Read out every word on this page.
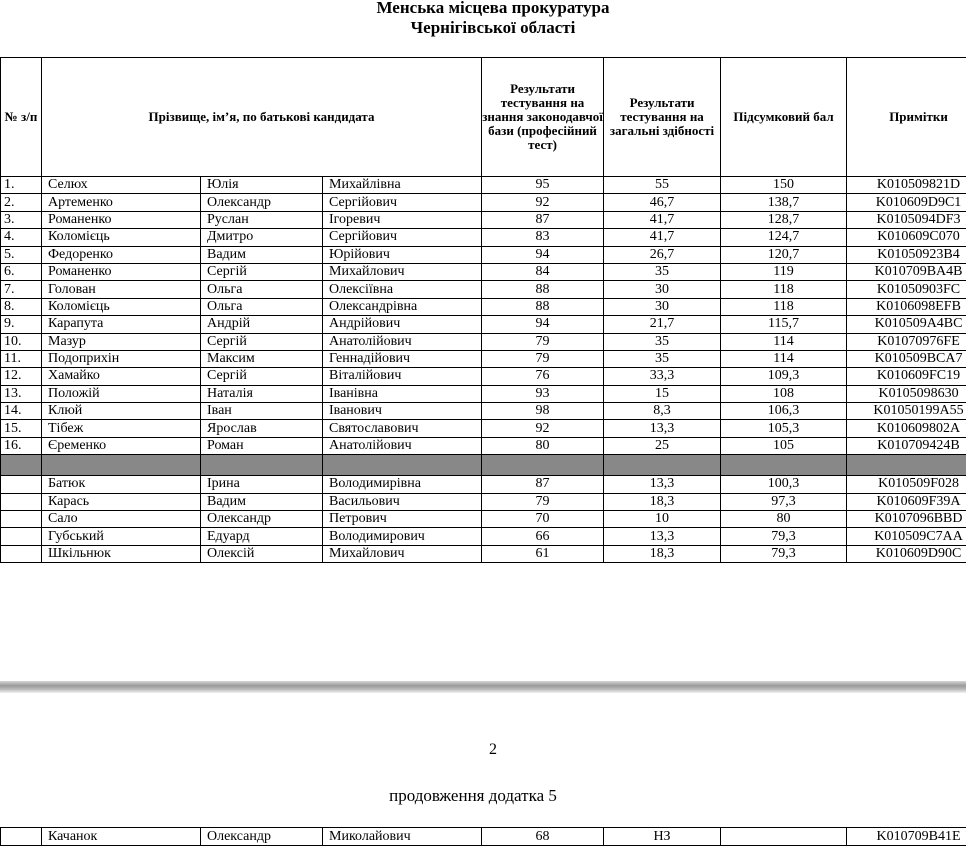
Менська місцева прокуратура
Чернігівської області
№ з/п	Прізвище, ім’я, по батькові кандидата			Результати тестування на знання законодавчої бази (професійний тест)	Результати тестування на загальні здібності	Підсумковий бал	Примітки
1.	Селюх	Юлія	Михайлівна	95	55	150	K010509821D
2.	Артеменко	Олександр	Сергійович	92	46,7	138,7	K010609D9C1
3.	Романенко	Руслан	Ігоревич	87	41,7	128,7	K0105094DF3
4.	Коломієць	Дмитро	Сергійович	83	41,7	124,7	K010609C070
5.	Федоренко	Вадим	Юрійович	94	26,7	120,7	K01050923B4
6.	Романенко	Сергій	Михайлович	84	35	119	K010709BA4B
7.	Голован	Ольга	Олексіївна	88	30	118	K01050903FC
8.	Коломієць	Ольга	Олександрівна	88	30	118	K0106098EFB
9.	Карапута	Андрій	Андрійович	94	21,7	115,7	K010509A4BC
10.	Мазур	Сергій	Анатолійович	79	35	114	K01070976FE
11.	Подоприхін	Максим	Геннадійович	79	35	114	K010509BCA7
12.	Хамайко	Сергій	Віталійович	76	33,3	109,3	K010609FC19
13.	Положій	Наталія	Іванівна	93	15	108	K0105098630
14.	Клюй	Іван	Іванович	98	8,3	106,3	K01050199A55
15.	Тібеж	Ярослав	Святославович	92	13,3	105,3	K010609802A
16.	Єременко	Роман	Анатолійович	80	25	105	K010709424B

	Батюк	Ірина	Володимирівна	87	13,3	100,3	K010509F028
	Карась	Вадим	Васильович	79	18,3	97,3	K010609F39A
	Сало	Олександр	Петрович	70	10	80	K0107096BBD
	Губський	Едуард	Володимирович	66	13,3	79,3	K010509C7AA
	Шкільнюк	Олексій	Михайлович	61	18,3	79,3	K010609D90C
2
продовження додатка 5
	Качанок	Олександр	Миколайович	68	НЗ		K010709B41E
